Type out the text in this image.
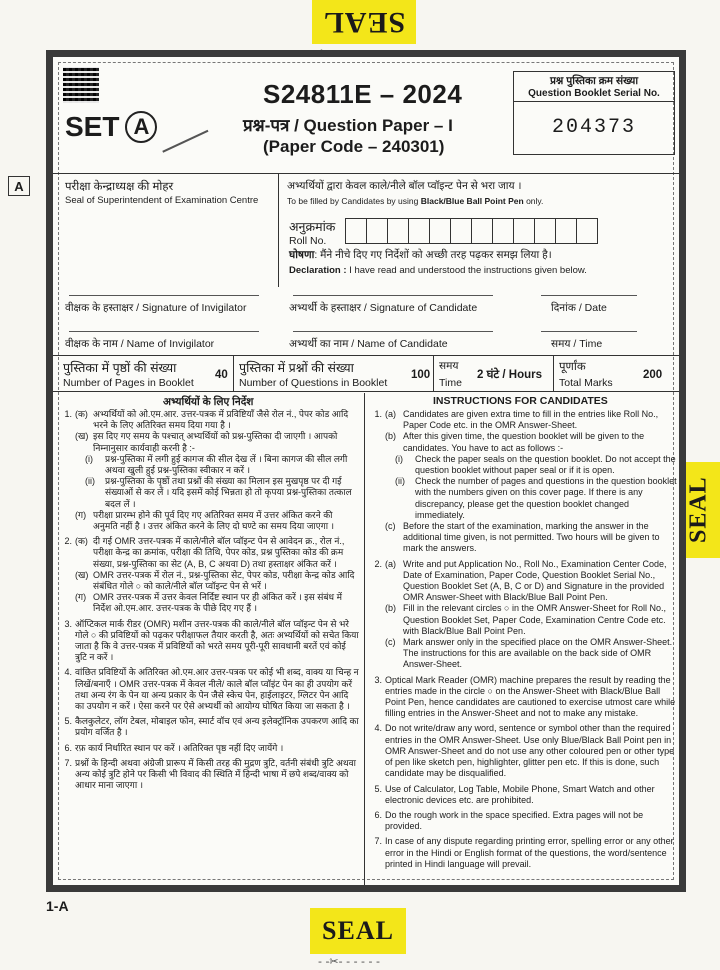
SEAL
SEAL
SEAL
- -✂- - - - - -
A
SET A
S24811E – 2024
प्रश्न-पत्र / Question Paper – I
(Paper Code – 240301)
प्रश्न पुस्तिका क्रम संख्या
Question Booklet Serial No.
204373
परीक्षा केन्द्राध्यक्ष की मोहर
Seal of Superintendent of Examination Centre
अभ्यर्थियों द्वारा केवल काले/नीले बॉल प्वॉइन्ट पेन से भरा जाय ।
To be filled by Candidates by using Black/Blue Ball Point Pen only.
अनुक्रमांक
Roll No.
घोषणा: मैंने नीचे दिए गए निर्देशों को अच्छी तरह पढ़कर समझ लिया है।
Declaration : I have read and understood the instructions given below.
वीक्षक के हस्ताक्षर / Signature of Invigilator	अभ्यर्थी के हस्ताक्षर / Signature of Candidate	दिनांक / Date
वीक्षक के नाम / Name of Invigilator	अभ्यर्थी का नाम / Name of Candidate	समय / Time
पुस्तिका में पृष्ठों की संख्या
Number of Pages in Booklet
40 पुस्तिका में प्रश्नों की संख्या
Number of Questions in Booklet
100
समय
Time
2 घंटे / Hours
पूर्णांक
Total Marks
200
अभ्यर्थियों के लिए निर्देश	INSTRUCTIONS FOR CANDIDATES
1. (क) अभ्यर्थियों को ओ.एम.आर. उत्तर-पत्रक में प्रविष्टियाँ जैसे रोल नं., पेपर कोड आदि भरने के लिए अतिरिक्त समय दिया गया है ।
(ख) इस दिए गए समय के पश्चात् अभ्यर्थियों को प्रश्न-पुस्तिका दी जाएगी । आपको निम्नानुसार कार्यवाही करनी है :-
(i)	प्रश्न-पुस्तिका में लगी हुई कागज की सील देख लें । बिना कागज की सील लगी अथवा खुली हुई प्रश्न-पुस्तिका स्वीकार न करें ।
(ii)	प्रश्न-पुस्तिका के पृष्ठों तथा प्रश्नों की संख्या का मिलान इस मुखपृष्ठ पर दी गई संख्याओं से कर लें । यदि इसमें कोई भिन्नता हो तो कृपया प्रश्न-पुस्तिका तत्काल बदल लें ।
(ग) परीक्षा प्रारम्भ होने की पूर्व दिए गए अतिरिक्त समय में उत्तर अंकित करने की अनुमति नहीं है । उत्तर अंकित करने के लिए दो घण्टे का समय दिया जाएगा ।
2. (क) दी गई OMR उत्तर-पत्रक में काले/नीले बॉल प्वॉइन्ट पेन से आवेदन क्र., रोल नं., परीक्षा केन्द्र का क्रमांक, परीक्षा की तिथि, पेपर कोड, प्रश्न पुस्तिका कोड की क्रम संख्या, प्रश्न-पुस्तिका का सेट (A, B, C अथवा D) तथा हस्ताक्षर अंकित करें ।
(ख) OMR उत्तर-पत्रक में रोल नं., प्रश्न-पुस्तिका सेट, पेपर कोड, परीक्षा केन्द्र कोड आदि संबंधित गोले ○ को काले/नीले बॉल प्वॉइन्ट पेन से भरें ।
(ग) OMR उत्तर-पत्रक में उत्तर केवल निर्दिष्ट स्थान पर ही अंकित करें । इस संबंध में निर्देश ओ.एम.आर. उत्तर-पत्रक के पीछे दिए गए हैं ।
3. ऑप्टिकल मार्क रीडर (OMR) मशीन उत्तर-पत्रक की काले/नीले बॉल प्वॉइन्ट पेन से भरे गोले ○ की प्रविष्टियों को पढ़कर परीक्षाफल तैयार करती है, अतः अभ्यर्थियों को सचेत किया जाता है कि वे उत्तर-पत्रक में प्रविष्टियों को भरते समय पूरी-पूरी सावधानी बरतें एवं कोई त्रुटि न करें ।
4. वांछित प्रविष्टियों के अतिरिक्त ओ.एम.आर उत्तर-पत्रक पर कोई भी शब्द, वाक्य या चिन्ह न लिखें/बनाएँ । OMR उत्तर-पत्रक में केवल नीले/ काले बॉल प्वॉइंट पेन का ही उपयोग करें तथा अन्य रंग के पेन या अन्य प्रकार के पेन जैसे स्केच पेन, हाईलाइटर, ग्लिटर पेन आदि का उपयोग न करें । ऐसा करने पर ऐसे अभ्यर्थी को आयोग्य घोषित किया जा सकता है ।
5. कैलकुलेटर, लॉग टेबल, मोबाइल फोन, स्मार्ट वॉच एवं अन्य इलेक्ट्रॉनिक उपकरण आदि का प्रयोग वर्जित है ।
6. रफ़ कार्य निर्धारित स्थान पर करें । अतिरिक्त पृष्ठ नहीं दिए जायेंगे ।
7. प्रश्नों के हिन्दी अथवा अंग्रेजी प्रारूप में किसी तरह की मुद्रण त्रुटि, वर्तनी संबंधी त्रुटि अथवा अन्य कोई त्रुटि होने पर किसी भी विवाद की स्थिति में हिन्दी भाषा में छपे शब्द/वाक्य को आधार माना जाएगा ।
1. (a) Candidates are given extra time to fill in the entries like Roll No., Paper Code etc. in the OMR Answer-Sheet.
(b) After this given time, the question booklet will be given to the candidates. You have to act as follows :-
(i)	Check the paper seals on the question booklet. Do not accept the question booklet without paper seal or if it is open.
(ii)	Check the number of pages and questions in the question booklet with the numbers given on this cover page. If there is any discrepancy, please get the question booklet changed immediately.
(c) Before the start of the examination, marking the answer in the additional time given, is not permitted. Two hours will be given to mark the answers.
2. (a) Write and put Application No., Roll No., Examination Center Code, Date of Examination, Paper Code, Question Booklet Serial No., Question Booklet Set (A, B, C or D) and Signature in the provided OMR Answer-Sheet with Black/Blue Ball Point Pen.
(b) Fill in the relevant circles ○ in the OMR Answer-Sheet for Roll No., Question Booklet Set, Paper Code, Examination Centre Code etc. with Black/Blue Ball Point Pen.
(c) Mark answer only in the specified place on the OMR Answer-Sheet. The instructions for this are available on the back side of OMR Answer-Sheet.
3. Optical Mark Reader (OMR) machine prepares the result by reading the entries made in the circle ○ on the Answer-Sheet with Black/Blue Ball Point Pen, hence candidates are cautioned to exercise utmost care while filling entries in the Answer-Sheet and not to make any mistake.
4. Do not write/draw any word, sentence or symbol other than the required entries in the OMR Answer-Sheet. Use only Blue/Black Ball Point pen in OMR Answer-Sheet and do not use any other coloured pen or other type of pen like sketch pen, highlighter, glitter pen etc. If this is done, such candidate may be disqualified.
5. Use of Calculator, Log Table, Mobile Phone, Smart Watch and other electronic devices etc. are prohibited.
6. Do the rough work in the space specified. Extra pages will not be provided.
7. In case of any dispute regarding printing error, spelling error or any other error in the Hindi or English format of the questions, the word/sentence printed in Hindi language will prevail.
1-A
